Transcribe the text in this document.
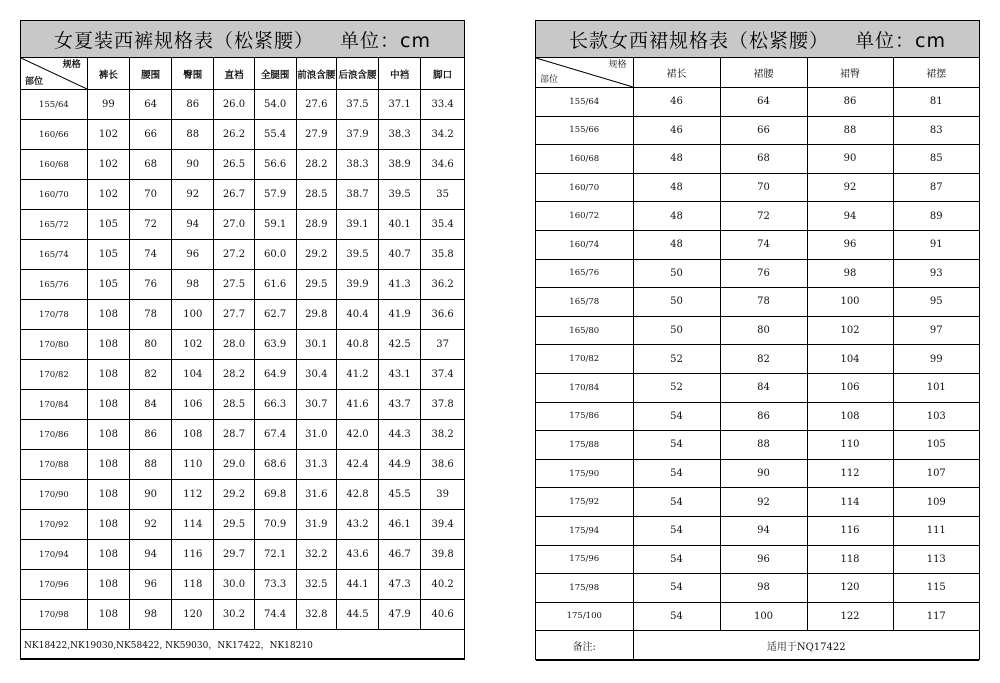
女夏装西裤规格表（松紧腰） 单位：cm
规格
部位	裤长	腰围	臀围	直裆	全腿围	前浪含腰	后浪含腰	中裆	脚口
155/64	99	64	86	26.0	54.0	27.6	37.5	37.1	33.4
160/66	102	66	88	26.2	55.4	27.9	37.9	38.3	34.2
160/68	102	68	90	26.5	56.6	28.2	38.3	38.9	34.6
160/70	102	70	92	26.7	57.9	28.5	38.7	39.5	35
165/72	105	72	94	27.0	59.1	28.9	39.1	40.1	35.4
165/74	105	74	96	27.2	60.0	29.2	39.5	40.7	35.8
165/76	105	76	98	27.5	61.6	29.5	39.9	41.3	36.2
170/78	108	78	100	27.7	62.7	29.8	40.4	41.9	36.6
170/80	108	80	102	28.0	63.9	30.1	40.8	42.5	37
170/82	108	82	104	28.2	64.9	30.4	41.2	43.1	37.4
170/84	108	84	106	28.5	66.3	30.7	41.6	43.7	37.8
170/86	108	86	108	28.7	67.4	31.0	42.0	44.3	38.2
170/88	108	88	110	29.0	68.6	31.3	42.4	44.9	38.6
170/90	108	90	112	29.2	69.8	31.6	42.8	45.5	39
170/92	108	92	114	29.5	70.9	31.9	43.2	46.1	39.4
170/94	108	94	116	29.7	72.1	32.2	43.6	46.7	39.8
170/96	108	96	118	30.0	73.3	32.5	44.1	47.3	40.2
170/98	108	98	120	30.2	74.4	32.8	44.5	47.9	40.6
NK18422,NK19030,NK58422, NK59030，NK17422，NK18210									
长款女西裙规格表（松紧腰） 单位：cm
规格
部位	裙长	裙腰	裙臀	裙摆
155/64	46	64	86	81
155/66	46	66	88	83
160/68	48	68	90	85
160/70	48	70	92	87
160/72	48	72	94	89
160/74	48	74	96	91
165/76	50	76	98	93
165/78	50	78	100	95
165/80	50	80	102	97
170/82	52	82	104	99
170/84	52	84	106	101
175/86	54	86	108	103
175/88	54	88	110	105
175/90	54	90	112	107
175/92	54	92	114	109
175/94	54	94	116	111
175/96	54	96	118	113
175/98	54	98	120	115
175/100	54	100	122	117
备注:	适用于NQ17422			
